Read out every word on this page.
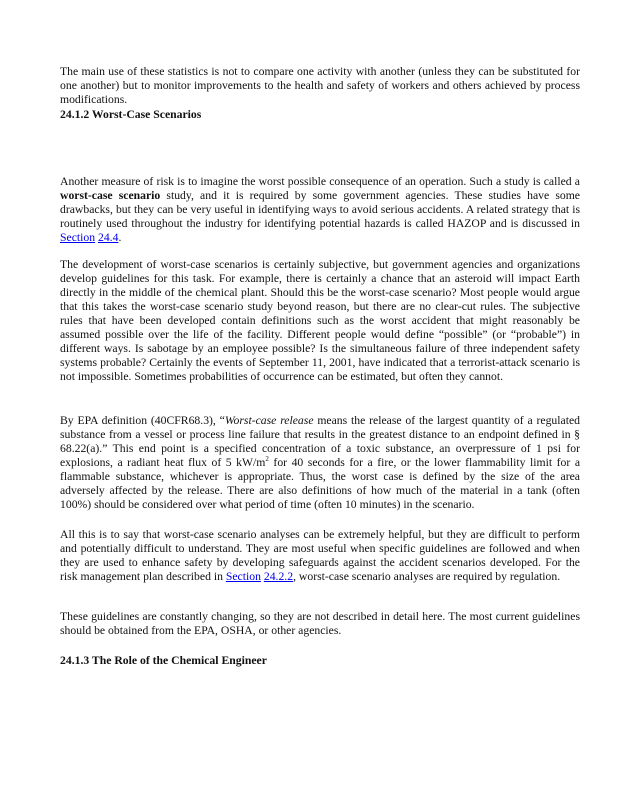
The main use of these statistics is not to compare one activity with another (unless they can be substituted for one another) but to monitor improvements to the health and safety of workers and others achieved by process modifications.

24.1.2 Worst-Case Scenarios

Another measure of risk is to imagine the worst possible consequence of an operation. Such a study is called a worst-case scenario study, and it is required by some government agencies. These studies have some drawbacks, but they can be very useful in identifying ways to avoid serious accidents. A related strategy that is routinely used throughout the industry for identifying potential hazards is called HAZOP and is discussed in Section 24.4.

The development of worst-case scenarios is certainly subjective, but government agencies and organizations develop guidelines for this task. For example, there is certainly a chance that an asteroid will impact Earth directly in the middle of the chemical plant. Should this be the worst-case scenario? Most people would argue that this takes the worst-case scenario study beyond reason, but there are no clear-cut rules. The subjective rules that have been developed contain definitions such as the worst accident that might reasonably be assumed possible over the life of the facility. Different people would define “possible” (or “probable”) in different ways. Is sabotage by an employee possible? Is the simultaneous failure of three independent safety systems probable? Certainly the events of September 11, 2001, have indicated that a terrorist-attack scenario is not impossible. Sometimes probabilities of occurrence can be estimated, but often they cannot.

By EPA definition (40CFR68.3), “Worst-case release means the release of the largest quantity of a regulated substance from a vessel or process line failure that results in the greatest distance to an endpoint defined in § 68.22(a).” This end point is a specified concentration of a toxic substance, an overpressure of 1 psi for explosions, a radiant heat flux of 5 $kW/m^2$ for 40 seconds for a fire, or the lower flammability limit for a flammable substance, whichever is appropriate. Thus, the worst case is defined by the size of the area adversely affected by the release. There are also definitions of how much of the material in a tank (often 100%) should be considered over what period of time (often 10 minutes) in the scenario.

All this is to say that worst-case scenario analyses can be extremely helpful, but they are difficult to perform and potentially difficult to understand. They are most useful when specific guidelines are followed and when they are used to enhance safety by developing safeguards against the accident scenarios developed. For the risk management plan described in Section 24.2.2, worst-case scenario analyses are required by regulation.

These guidelines are constantly changing, so they are not described in detail here. The most current guidelines should be obtained from the EPA, OSHA, or other agencies.

24.1.3 The Role of the Chemical Engineer
